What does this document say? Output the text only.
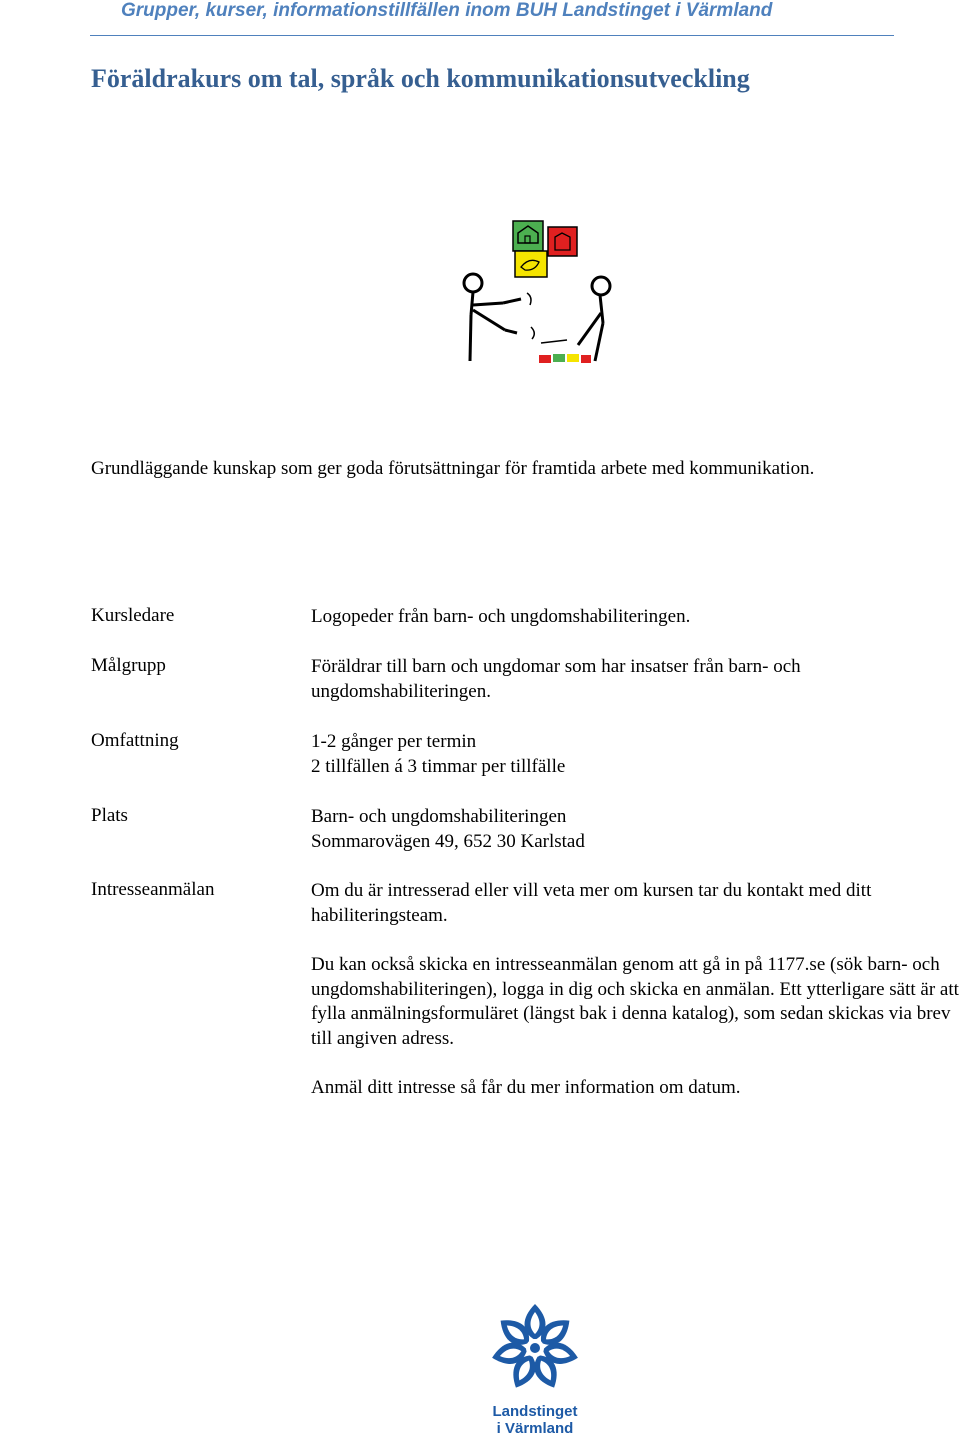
Grupper, kurser, informationstillfällen inom BUH Landstinget i Värmland
Föräldrakurs om tal, språk och kommunikationsutveckling
Grundläggande kunskap som ger goda förutsättningar för framtida arbete med kommunikation.
Kursledare	Logopeder från barn- och ungdomshabiliteringen.

Målgrupp	Föräldrar till barn och ungdomar som har insatser från barn- och ungdomshabiliteringen.

Omfattning	1-2 gånger per termin

2 tillfällen á 3 timmar per tillfälle

Plats	Barn- och ungdomshabiliteringen

Sommarovägen 49, 652 30 Karlstad

Intresseanmälan	Om du är intresserad eller vill veta mer om kursen tar du kontakt med ditt habiliteringsteam.

Du kan också skicka en intresseanmälan genom att gå in på 1177.se (sök barn- och ungdomshabiliteringen), logga in dig och skicka en anmälan. Ett ytterligare sätt är att fylla anmälningsformuläret (längst bak i denna katalog), som sedan skickas via brev till angiven adress.

Anmäl ditt intresse så får du mer information om datum.

Landstinget
i Värmland
